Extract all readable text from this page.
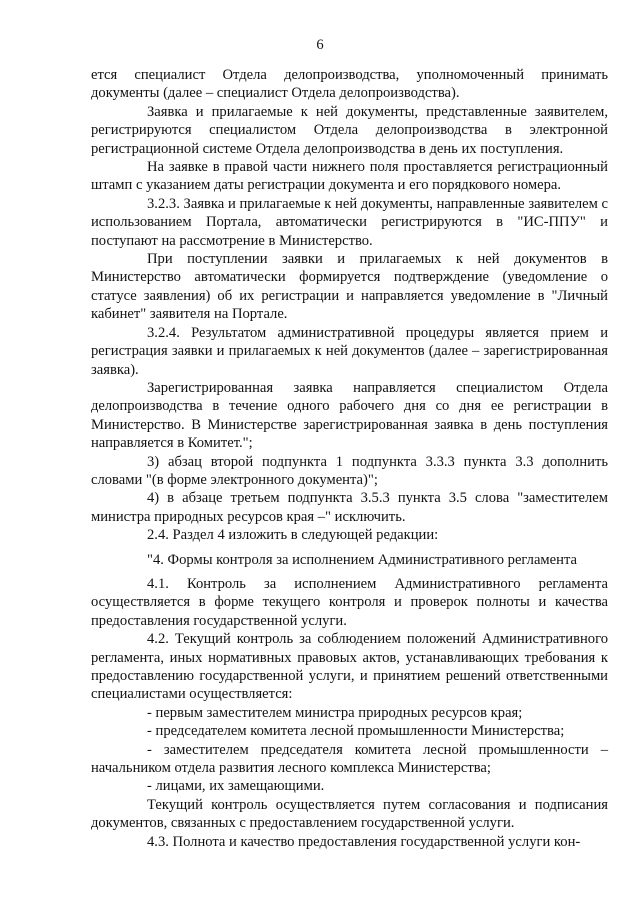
6

ется специалист Отдела делопроизводства, уполномоченный принимать документы (далее – специалист Отдела делопроизводства).

Заявка и прилагаемые к ней документы, представленные заявителем, регистрируются специалистом Отдела делопроизводства в электронной регистрационной системе Отдела делопроизводства в день их поступления.

На заявке в правой части нижнего поля проставляется регистрационный штамп с указанием даты регистрации документа и его порядкового номера.

3.2.3. Заявка и прилагаемые к ней документы, направленные заявителем с использованием Портала, автоматически регистрируются в "ИС-ППУ" и поступают на рассмотрение в Министерство.

При поступлении заявки и прилагаемых к ней документов в Министерство автоматически формируется подтверждение (уведомление о статусе заявления) об их регистрации и направляется уведомление в "Личный кабинет" заявителя на Портале.

3.2.4. Результатом административной процедуры является прием и регистрация заявки и прилагаемых к ней документов (далее – зарегистрированная заявка).

Зарегистрированная заявка направляется специалистом Отдела делопроизводства в течение одного рабочего дня со дня ее регистрации в Министерство. В Министерстве зарегистрированная заявка в день поступления направляется в Комитет.";

3) абзац второй подпункта 1 подпункта 3.3.3 пункта 3.3 дополнить словами "(в форме электронного документа)";

4) в абзаце третьем подпункта 3.5.3 пункта 3.5 слова "заместителем министра природных ресурсов края –" исключить.

2.4. Раздел 4 изложить в следующей редакции:

"4. Формы контроля за исполнением Административного регламента

4.1. Контроль за исполнением Административного регламента осуществляется в форме текущего контроля и проверок полноты и качества предоставления государственной услуги.

4.2. Текущий контроль за соблюдением положений Административного регламента, иных нормативных правовых актов, устанавливающих требования к предоставлению государственной услуги, и принятием решений ответственными специалистами осуществляется:

- первым заместителем министра природных ресурсов края;

- председателем комитета лесной промышленности Министерства;

- заместителем председателя комитета лесной промышленности – начальником отдела развития лесного комплекса Министерства;

- лицами, их замещающими.

Текущий контроль осуществляется путем согласования и подписания документов, связанных с предоставлением государственной услуги.

4.3. Полнота и качество предоставления государственной услуги кон-
